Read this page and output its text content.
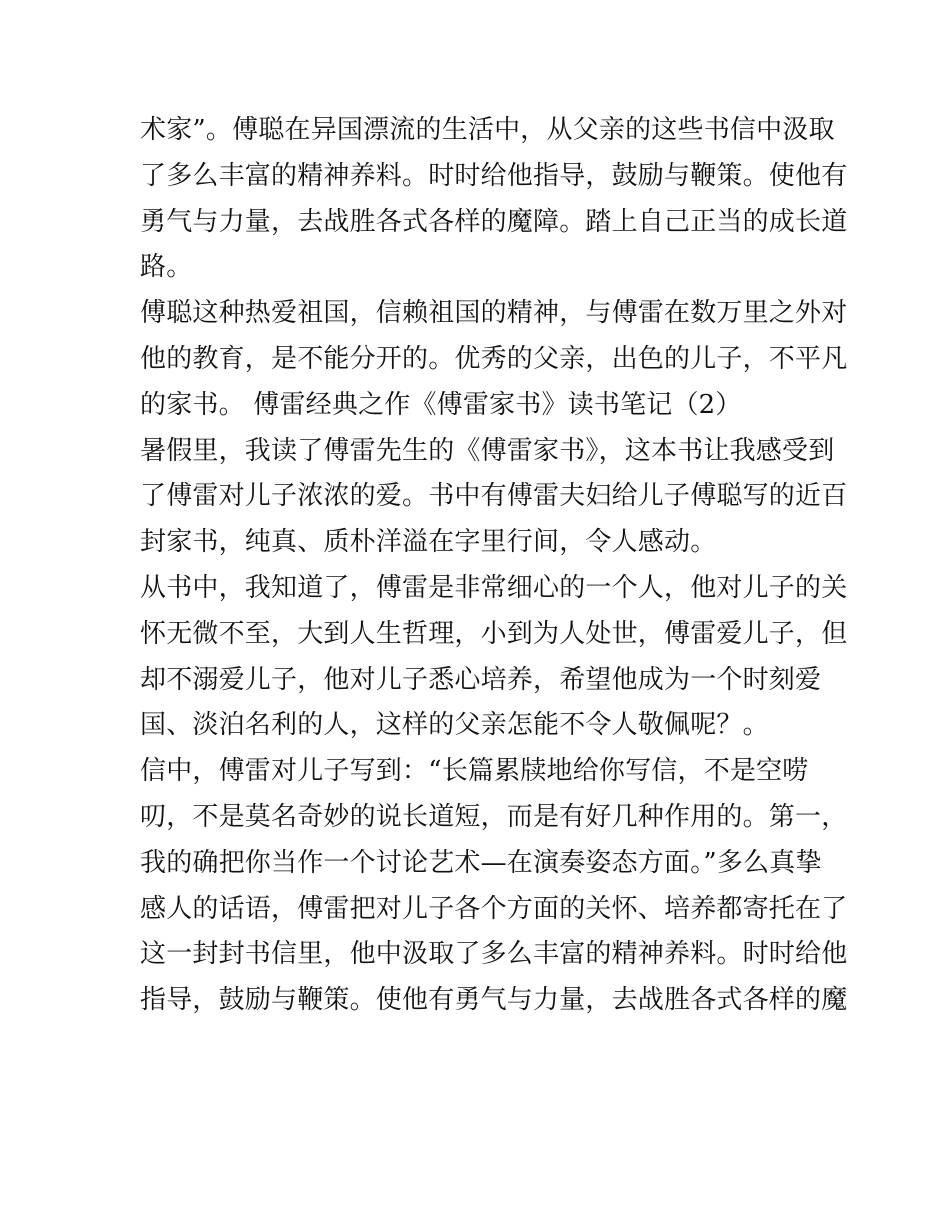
术家”。傅聪在异国漂流的生活中，从父亲的这些书信中汲取
了多么丰富的精神养料。时时给他指导，鼓励与鞭策。使他有
勇气与力量，去战胜各式各样的魔障。踏上自己正当的成长道
路。
傅聪这种热爱祖国，信赖祖国的精神，与傅雷在数万里之外对
他的教育，是不能分开的。优秀的父亲，出色的儿子，不平凡
的家书。 傅雷经典之作《傅雷家书》读书笔记（2）
暑假里，我读了傅雷先生的《傅雷家书》，这本书让我感受到
了傅雷对儿子浓浓的爱。书中有傅雷夫妇给儿子傅聪写的近百
封家书，纯真、质朴洋溢在字里行间，令人感动。
从书中，我知道了，傅雷是非常细心的一个人，他对儿子的关
怀无微不至，大到人生哲理，小到为人处世，傅雷爱儿子，但
却不溺爱儿子，他对儿子悉心培养，希望他成为一个时刻爱
国、淡泊名利的人，这样的父亲怎能不令人敬佩呢？。
信中，傅雷对儿子写到：“长篇累牍地给你写信，不是空唠
叨，不是莫名奇妙的说长道短，而是有好几种作用的。第一，
我的确把你当作一个讨论艺术—在演奏姿态方面。”多么真挚
感人的话语，傅雷把对儿子各个方面的关怀、培养都寄托在了
这一封封书信里，他中汲取了多么丰富的精神养料。时时给他
指导，鼓励与鞭策。使他有勇气与力量，去战胜各式各样的魔
